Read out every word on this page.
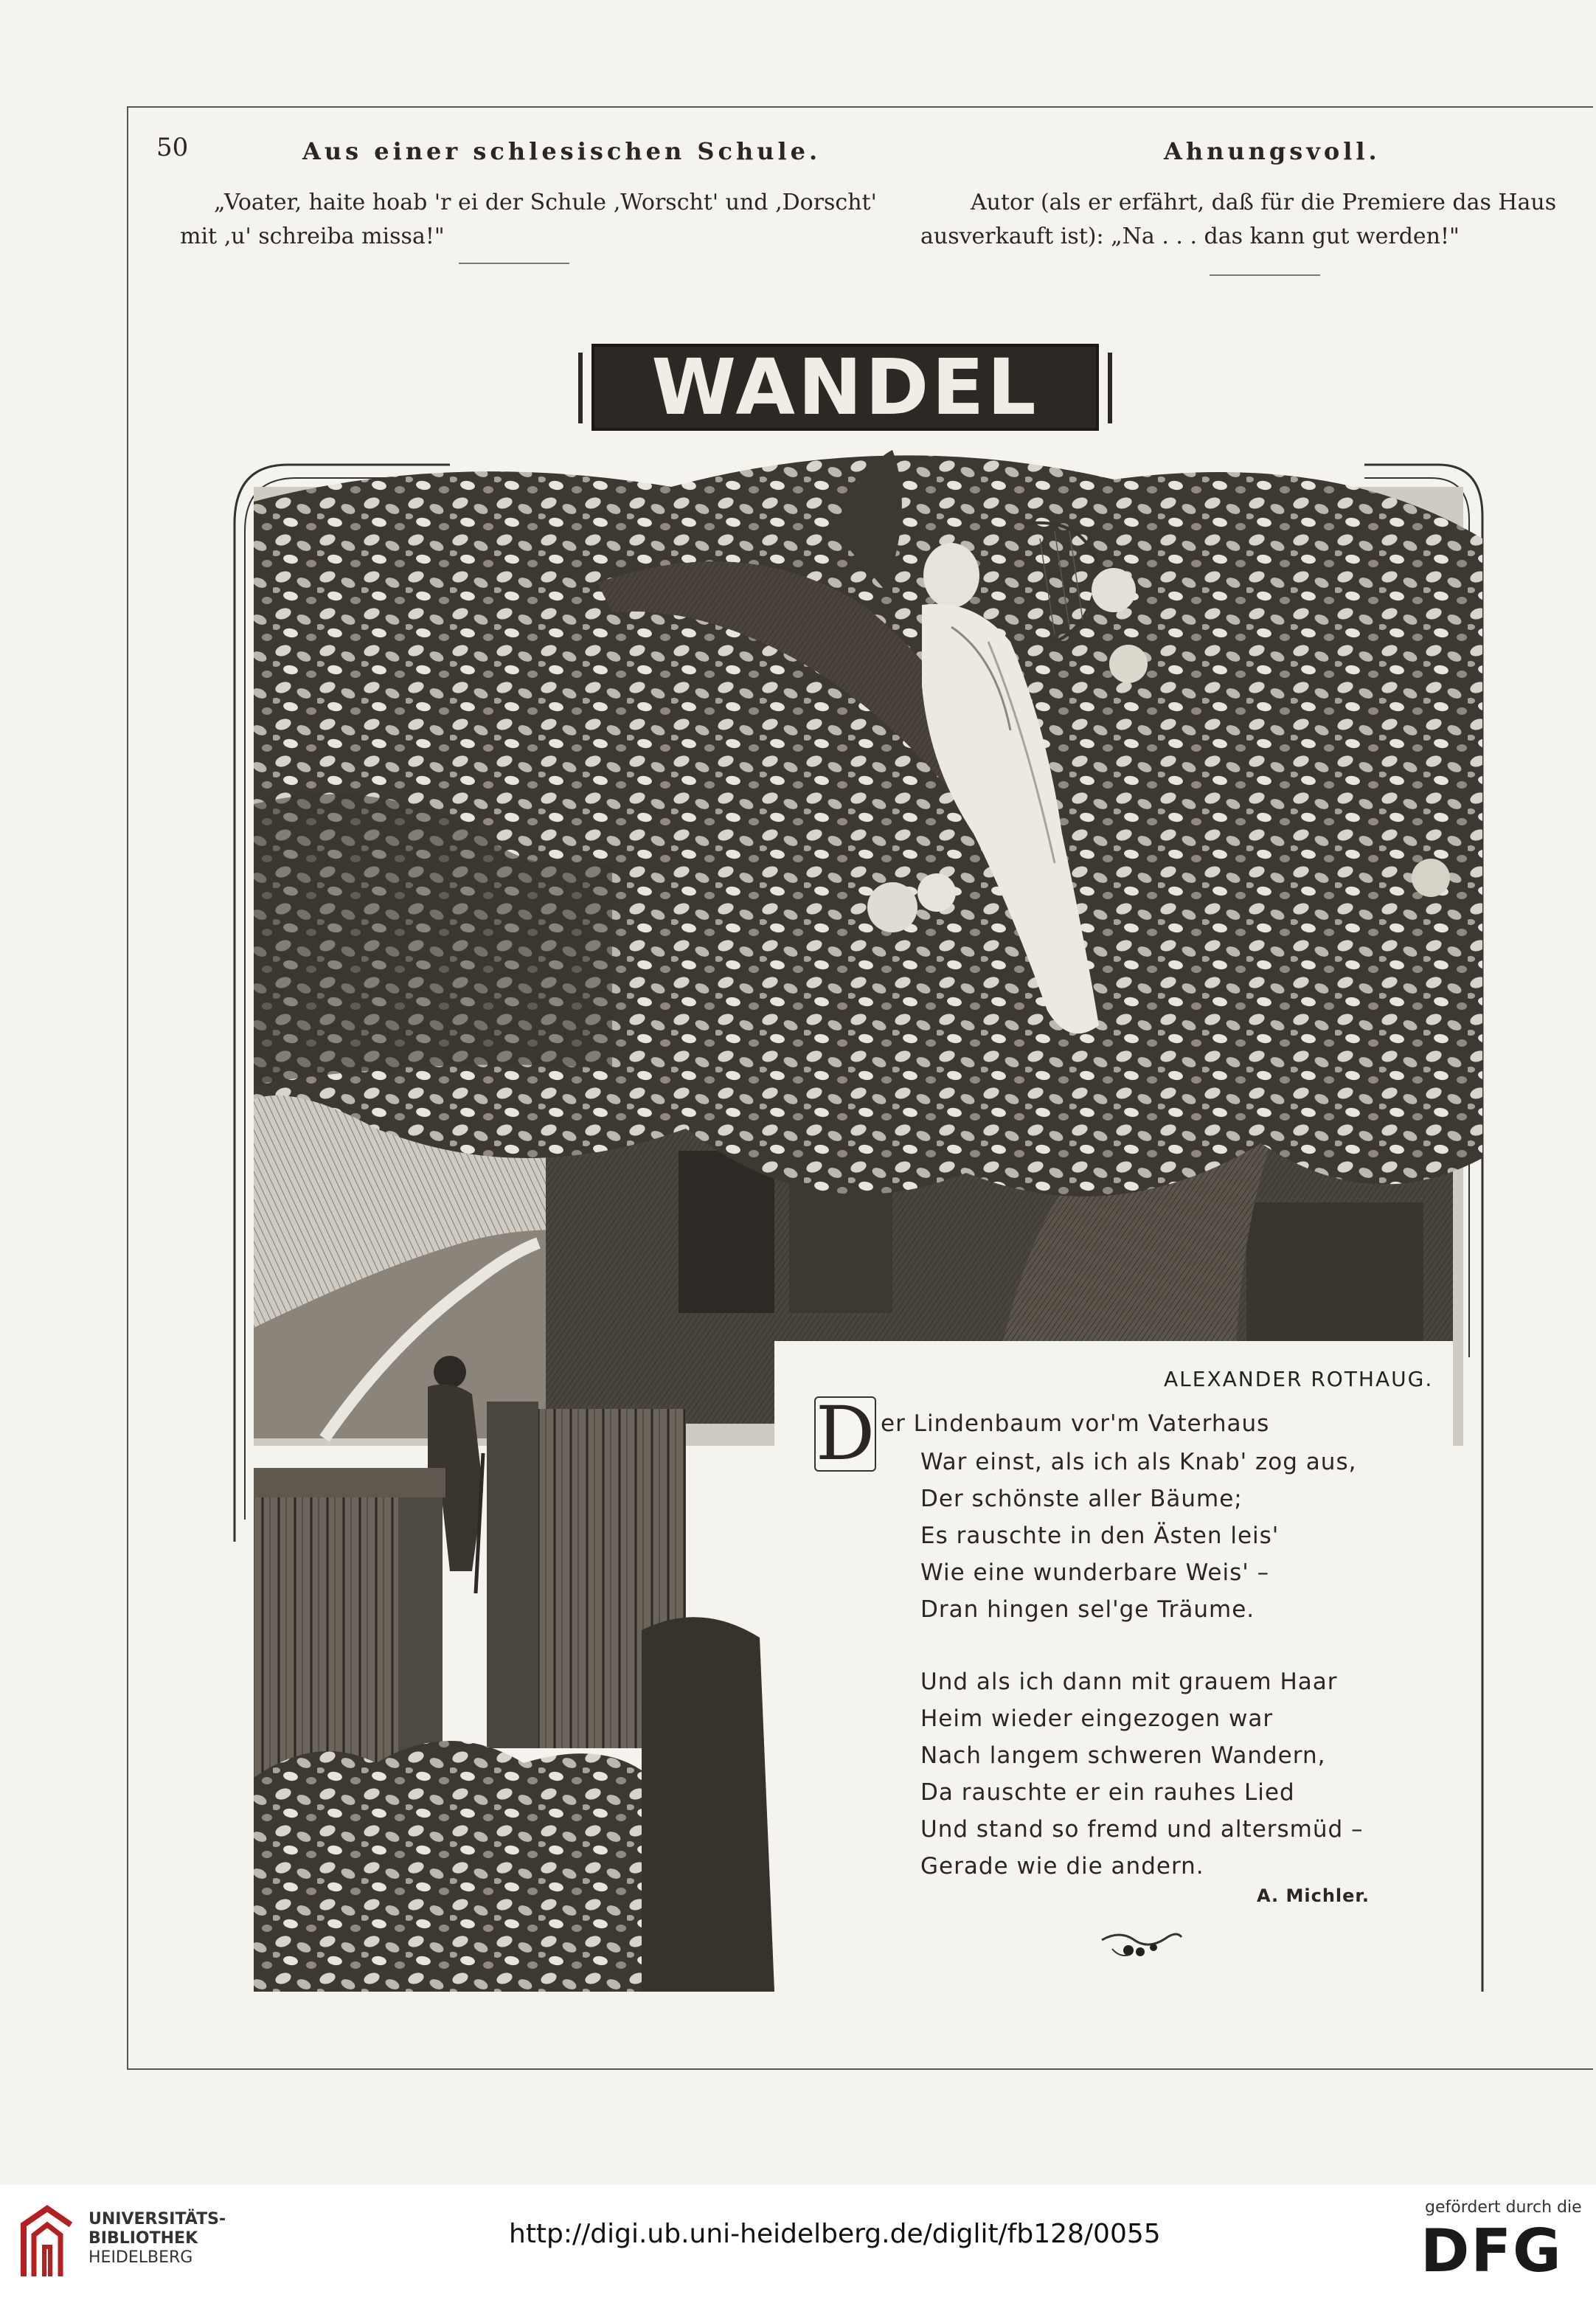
50	Aus einer schlesischen Schule.	Ahnungsvoll.
„Voater, haite hoab 'r ei der Schule ‚Worscht' und ‚Dorscht'
mit ‚u' schreiba missa!"
Autor (als er erfährt, daß für die Premiere das Haus
ausverkauft ist): „Na . . . das kann gut werden!"
WANDEL
ALEXANDER ROTHAUG.
D er Lindenbaum vor'm Vaterhaus
War einst, als ich als Knab' zog aus,
Der schönste aller Bäume;
Es rauschte in den Ästen leis'
Wie eine wunderbare Weis' –
Dran hingen sel'ge Träume.
Und als ich dann mit grauem Haar
Heim wieder eingezogen war
Nach langem schweren Wandern,
Da rauschte er ein rauhes Lied
Und stand so fremd und altersmüd –
Gerade wie die andern.
A. Michler.
UNIVERSITÄTS-
BIBLIOTHEK
HEIDELBERG
http://digi.ub.uni-heidelberg.de/diglit/fb128/0055
gefördert durch die
DFG
